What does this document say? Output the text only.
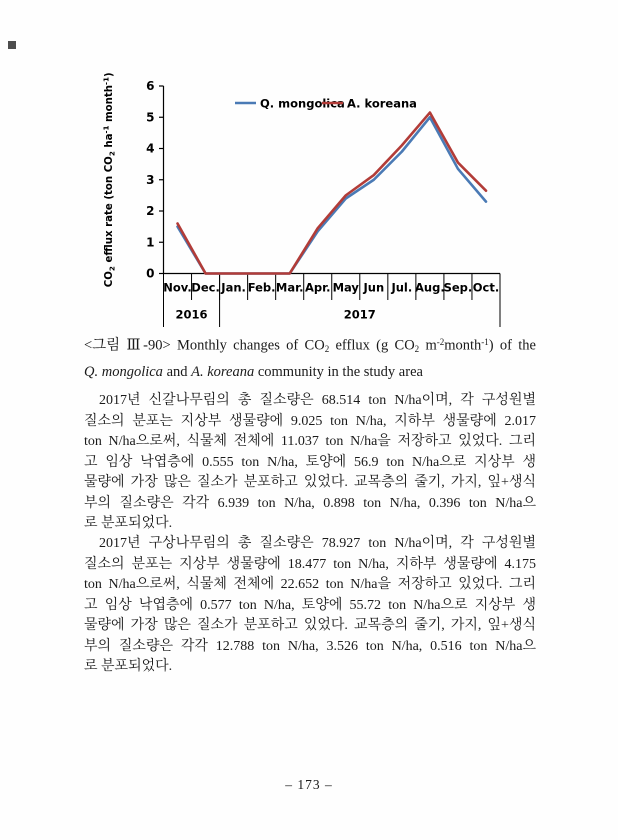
0
1
2
3
4
5
6
Nov. Dec. Jan. Feb. Mar. Apr. May Jun Jul. Aug.
Sep. Oct.
2016	2017
$CO_2$ efflux rate (ton $CO_2$ $ha^{-1}$ month$^{-1}$)
Q. mongolica A. koreana
<그림 Ⅲ-90> Monthly changes of $CO_2$ efflux (g $CO_2$ $m^{-2}month^{-1}$) of the
Q. mongolica and A. koreana community in the study area
2017년 신갈나무림의 총 질소량은 68.514 ton N/ha이며, 각 구성원별
질소의 분포는 지상부 생물량에 9.025 ton N/ha, 지하부 생물량에 2.017
ton N/ha으로써, 식물체 전체에 11.037 ton N/ha을 저장하고 있었다. 그리
고 임상 낙엽층에 0.555 ton N/ha, 토양에 56.9 ton N/ha으로 지상부 생
물량에 가장 많은 질소가 분포하고 있었다. 교목층의 줄기, 가지, 잎+생식
부의 질소량은 각각 6.939 ton N/ha, 0.898 ton N/ha, 0.396 ton N/ha으
로 분포되었다.
2017년 구상나무림의 총 질소량은 78.927 ton N/ha이며, 각 구성원별
질소의 분포는 지상부 생물량에 18.477 ton N/ha, 지하부 생물량에 4.175
ton N/ha으로써, 식물체 전체에 22.652 ton N/ha을 저장하고 있었다. 그리
고 임상 낙엽층에 0.577 ton N/ha, 토양에 55.72 ton N/ha으로 지상부 생
물량에 가장 많은 질소가 분포하고 있었다. 교목층의 줄기, 가지, 잎+생식
부의 질소량은 각각 12.788 ton N/ha, 3.526 ton N/ha, 0.516 ton N/ha으
로 분포되었다.
– 173 –
